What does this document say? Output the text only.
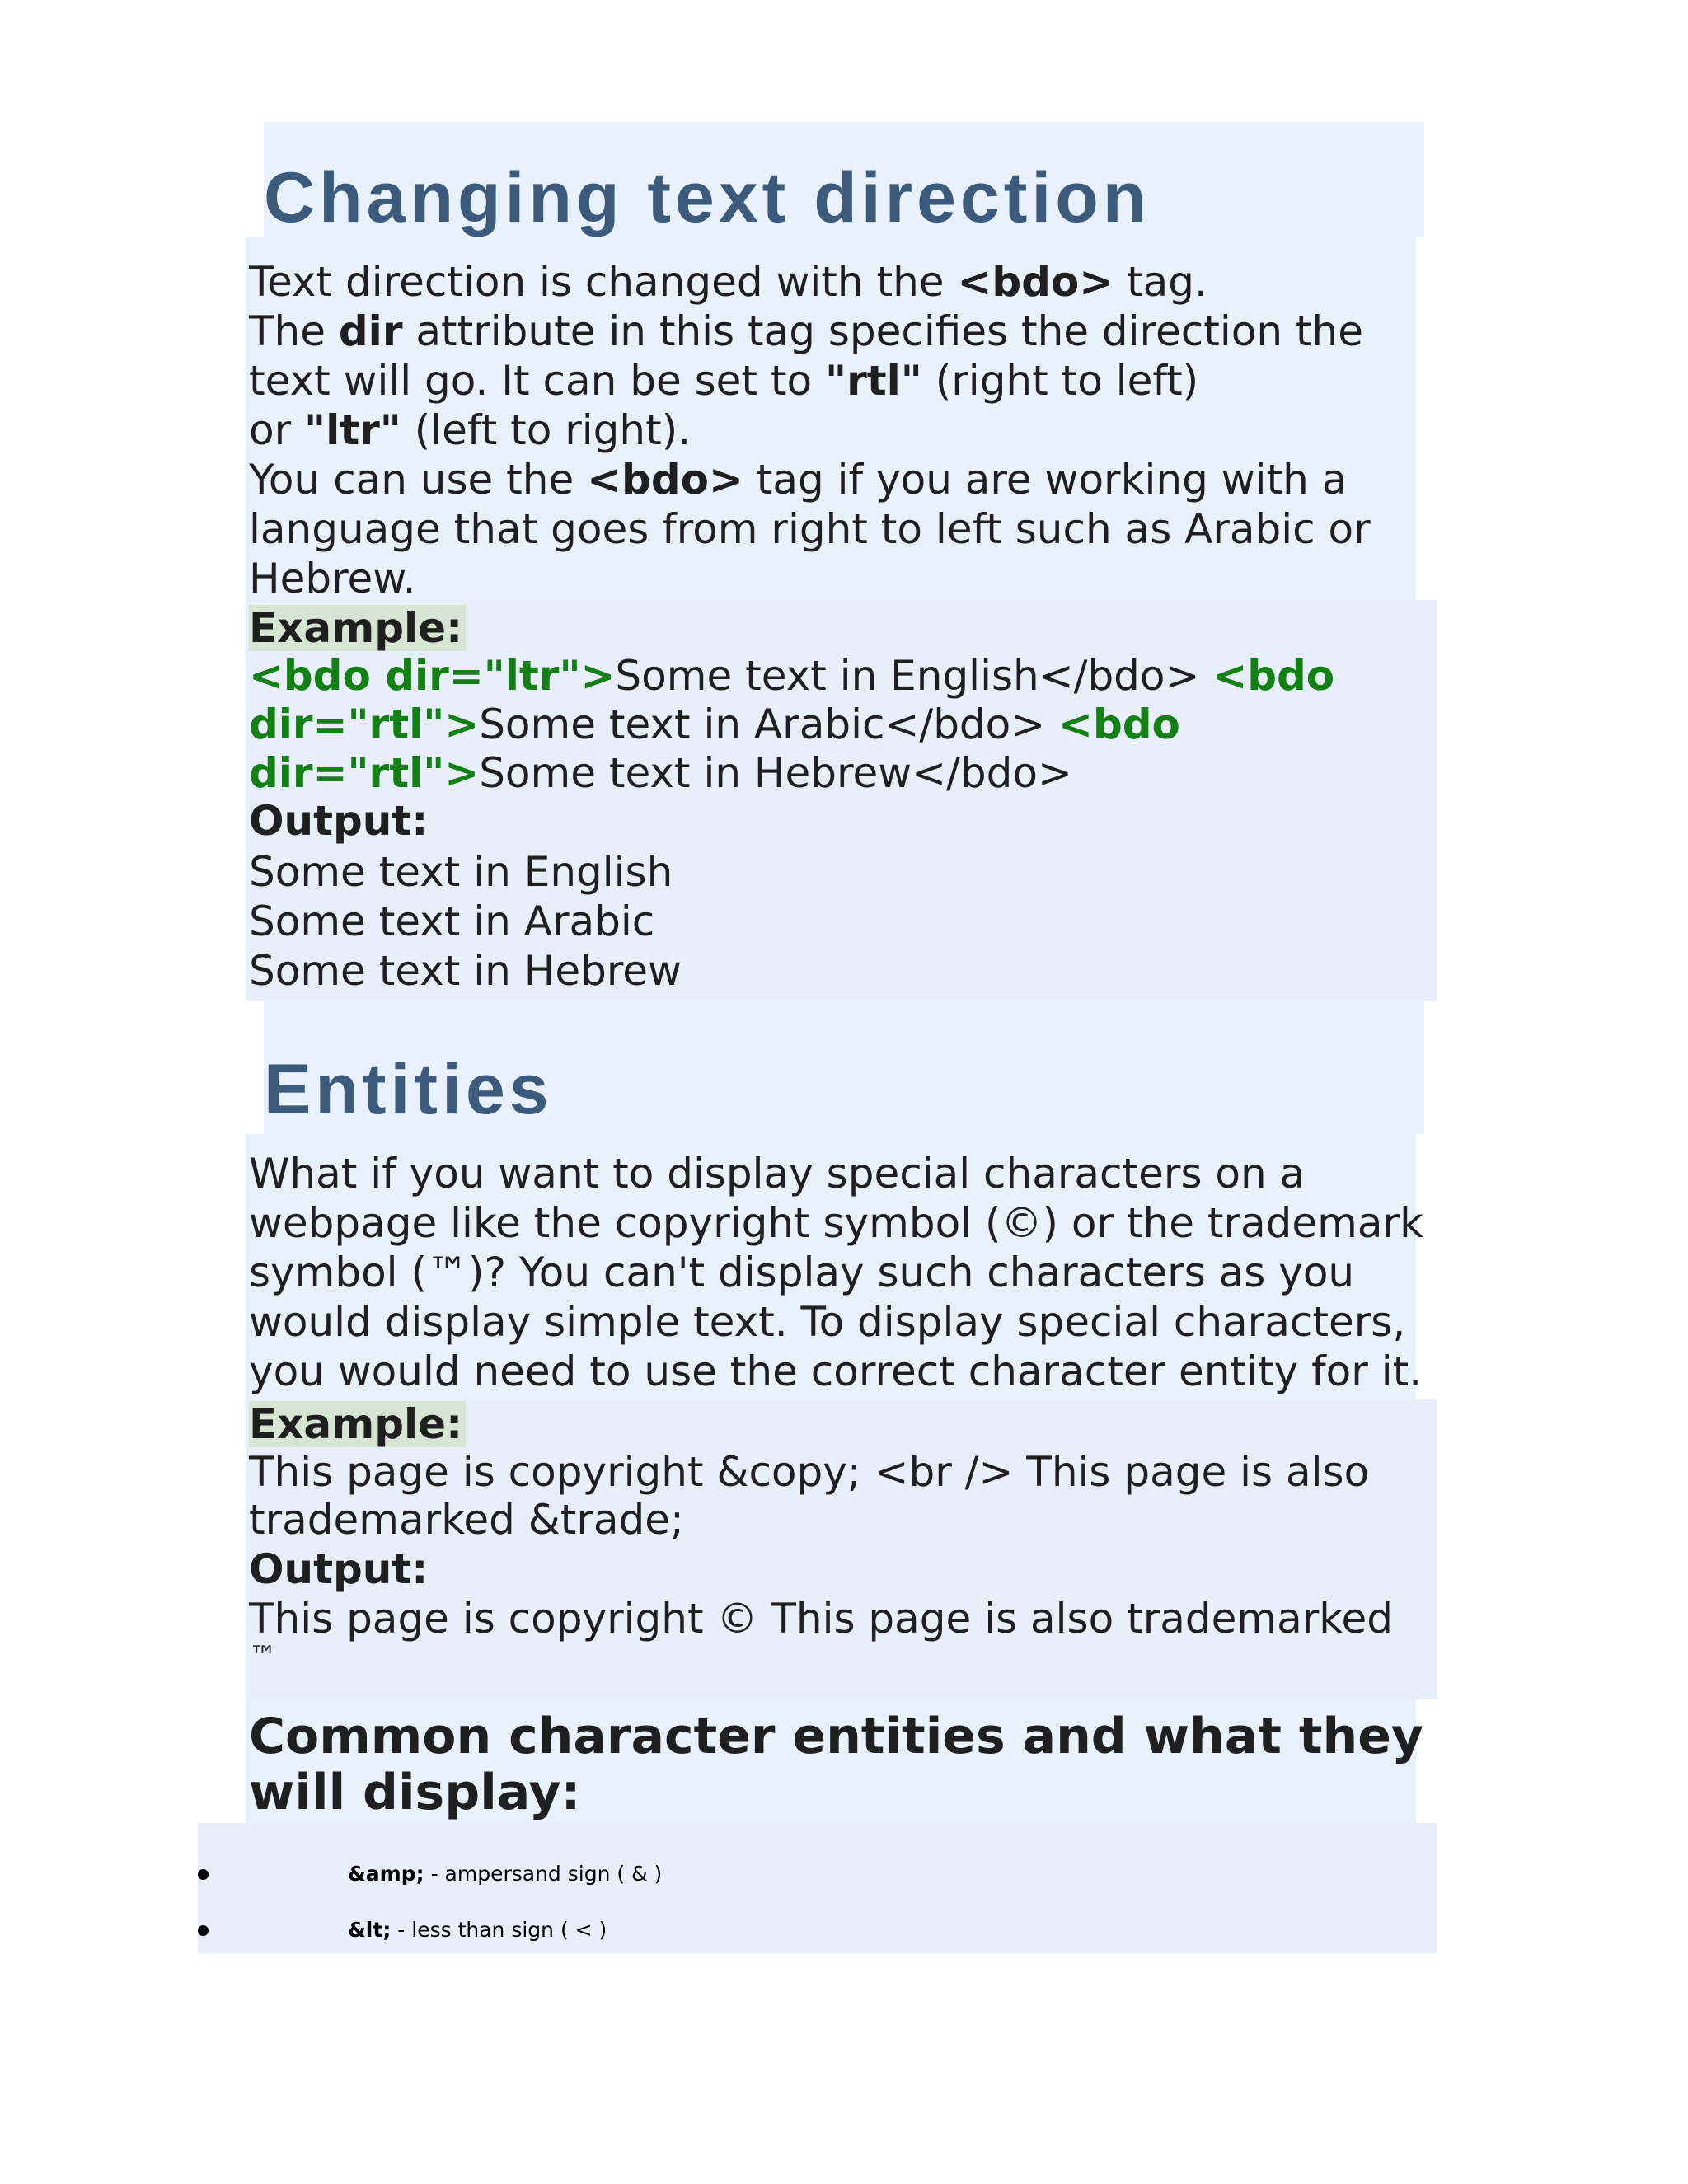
Changing text direction

Text direction is changed with the <bdo> tag.

The dir attribute in this tag specifies the direction the

text will go. It can be set to "rtl" (right to left)

or "ltr" (left to right).

You can use the <bdo> tag if you are working with a

language that goes from right to left such as Arabic or

Hebrew.

Example:

<bdo dir="ltr">Some text in English</bdo> <bdo

dir="rtl">Some text in Arabic</bdo> <bdo

dir="rtl">Some text in Hebrew</bdo>

Output:

Some text in English

Some text in Arabic

Some text in Hebrew

Entities

What if you want to display special characters on a

webpage like the copyright symbol (©) or the trademark

symbol (™)? You can't display such characters as you

would display simple text. To display special characters,

you would need to use the correct character entity for it.

Example:

This page is copyright &copy; <br /> This page is also

trademarked &trade;

Output:

This page is copyright © This page is also trademarked

™

Common character entities and what they
will display:
&amp; - ampersand sign ( & )
&lt; - less than sign ( < )
